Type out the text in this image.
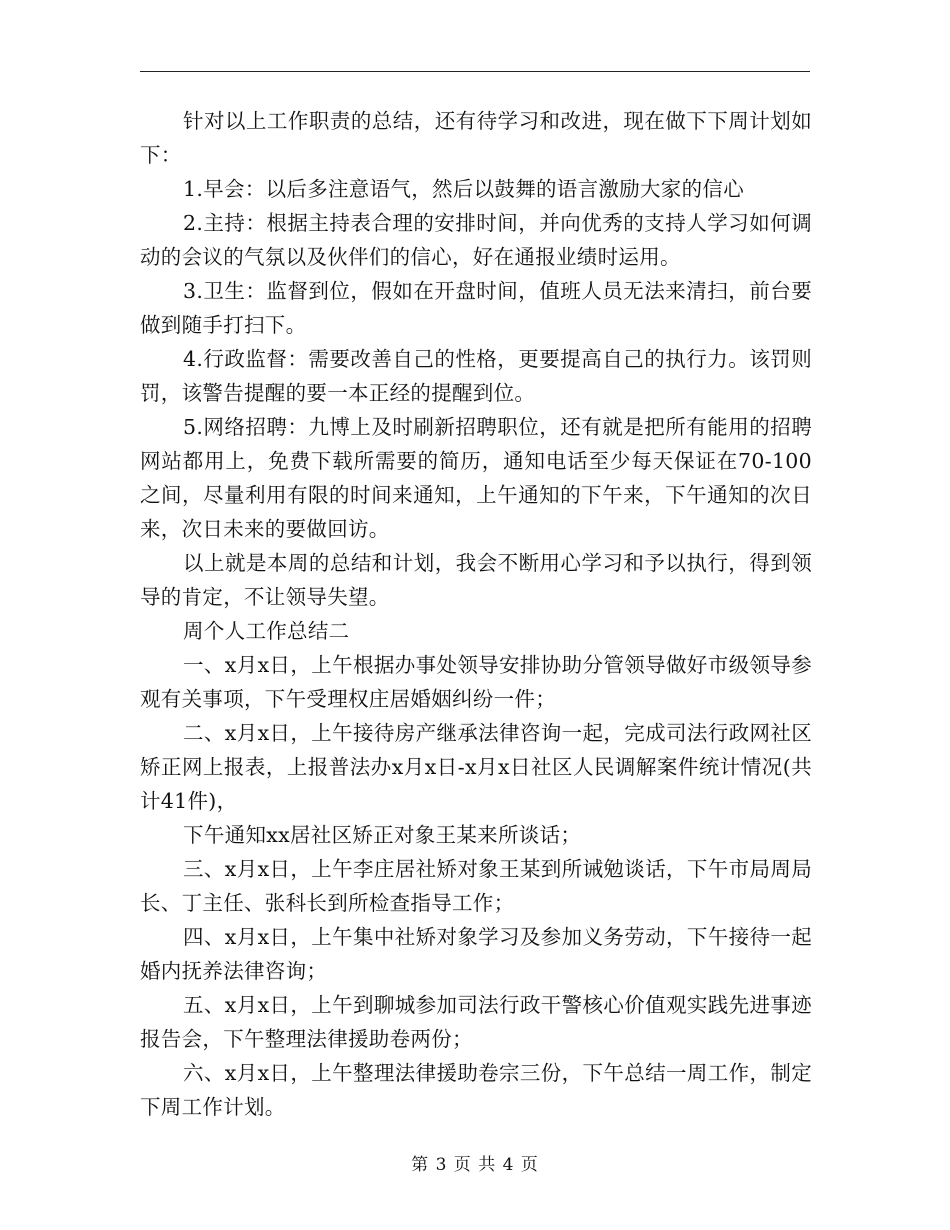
针对以上工作职责的总结，还有待学习和改进，现在做下下周计划如下：

1.早会：以后多注意语气，然后以鼓舞的语言激励大家的信心

2.主持：根据主持表合理的安排时间，并向优秀的支持人学习如何调动的会议的气氛以及伙伴们的信心，好在通报业绩时运用。

3.卫生：监督到位，假如在开盘时间，值班人员无法来清扫，前台要做到随手打扫下。

4.行政监督：需要改善自己的性格，更要提高自己的执行力。该罚则罚，该警告提醒的要一本正经的提醒到位。

5.网络招聘：九博上及时刷新招聘职位，还有就是把所有能用的招聘网站都用上，免费下载所需要的简历，通知电话至少每天保证在70-100之间，尽量利用有限的时间来通知，上午通知的下午来，下午通知的次日来，次日未来的要做回访。

以上就是本周的总结和计划，我会不断用心学习和予以执行，得到领导的肯定，不让领导失望。

周个人工作总结二

一、x月x日，上午根据办事处领导安排协助分管领导做好市级领导参观有关事项，下午受理权庄居婚姻纠纷一件；

二、x月x日，上午接待房产继承法律咨询一起，完成司法行政网社区矫正网上报表，上报普法办x月x日-x月x日社区人民调解案件统计情况(共计41件)，

下午通知xx居社区矫正对象王某来所谈话；

三、x月x日，上午李庄居社矫对象王某到所诫勉谈话，下午市局周局长、丁主任、张科长到所检查指导工作；

四、x月x日，上午集中社矫对象学习及参加义务劳动，下午接待一起婚内抚养法律咨询；

五、x月x日，上午到聊城参加司法行政干警核心价值观实践先进事迹报告会，下午整理法律援助卷两份；

六、x月x日，上午整理法律援助卷宗三份，下午总结一周工作，制定下周工作计划。

第 3 页 共 4 页
